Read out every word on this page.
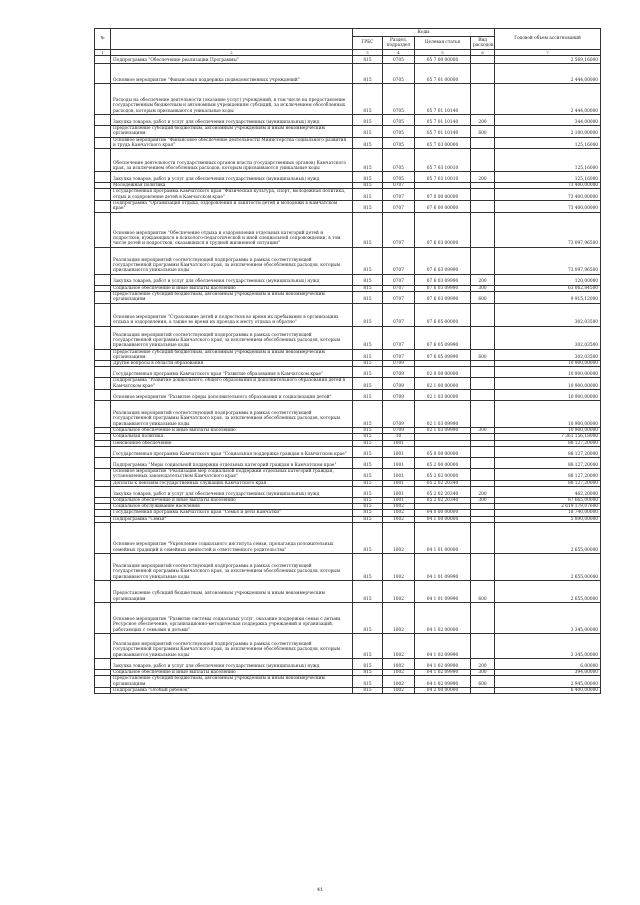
№		Коды				Годовой объем ассигнований
		ГРБС	Раздел, подраздел	Целевая статья	Вид расходов	
1	2	3	4	5	6	7
	Подпрограмма "Обеспечение реализации Программы"	815	0705	05 7 00 00000		2 569,16000
	Основное мероприятие "Финансовая поддержка подведомственных учреждений"	815	0705	05 7 01 00000		2 444,00000
	Расходы на обеспечение деятельности (оказание услуг) учреждений, в том числе на предоставление государственным бюджетным и автономным учреждениям субсидий, за исключением обособленных расходов, которым присваиваются уникальные коды	815	0705	05 7 01 10140		2 444,00000
	Закупка товаров, работ и услуг для обеспечения государственных (муниципальных) нужд	815	0705	05 7 01 10140	200	344,00000
	Предоставление субсидий бюджетным, автономным учреждениям и иным некоммерческим организациям	815	0705	05 7 01 10140	600	2 100,00000
	Основное мероприятие "Финансовое обеспечение деятельности Министерства социального развития и труда Камчатского края"	815	0705	05 7 03 00000		125,16000
	Обеспечение деятельности государственных органов власти (государственных органов) Камчатского края, за исключением обособленных расходов, которым присваиваются уникальные коды	815	0705	05 7 03 10010		125,16000
	Закупка товаров, работ и услуг для обеспечения государственных (муниципальных) нужд	815	0705	05 7 03 10010	200	125,16000
	Молодежная политика	815	0707			73 400,00000
	Государственная программа Камчатского края "Физическая культура, спорт, молодежная политика, отдых и оздоровление детей в Камчатском крае"	815	0707	07 0 00 00000		73 400,00000
	Подпрограмма "Организация отдыха, оздоровления и занятости детей и молодежи в Камчатском крае"	815	0707	07 6 00 00000		73 400,00000
	Основное мероприятие "Обеспечение отдыха и оздоровления отдельных категорий детей и подростков, нуждающихся в психолого-педагогической и иной специальной сопровождении, в том числе детей и подростков, оказавшихся в трудной жизненной ситуации"	815	0707	07 6 03 00000		73 097,96500
	Реализация мероприятий соответствующей подпрограммы в рамках соответствующей государственной программы Камчатского края, за исключением обособленных расходов, которым присваиваются уникальные коды	815	0707	07 6 03 09990		73 097,96500
	Закупка товаров, работ и услуг для обеспечения государственных (муниципальных) нужд	815	0707	07 6 03 09990	200	120,00000
	Социальное обеспечение и иные выплаты населению	815	0707	07 6 03 09990	300	63 062,84500
	Предоставление субсидий бюджетным, автономным учреждениям и иным некоммерческим организациям	815	0707	07 6 03 09990	600	9 915,12000
	Основное мероприятие "Страхование детей и подростков во время их пребывания в организациях отдыха и оздоровления, а также во время их проезда к месту отдыха и обратно"	815	0707	07 6 05 00000		302,03500
	Реализация мероприятий соответствующей подпрограммы в рамках соответствующей государственной программы Камчатского края, за исключением обособленных расходов, которым присваиваются уникальные коды	815	0707	07 6 05 09990		302,03500
	Предоставление субсидий бюджетным, автономным учреждениям и иным некоммерческим организациям	815	0707	07 6 05 09990	600	302,03500
	Другие вопросы в области образования	815	0709			10 900,00000
	Государственная программа Камчатского края "Развитие образования в Камчатском крае"	815	0709	02 0 00 00000		10 900,00000
	Подпрограмма "Развитие дошкольного, общего образования и дополнительного образования детей в Камчатском крае"	815	0709	02 1 00 00000		10 900,00000
	Основное мероприятие "Развитие сферы дополнительного образования и социализации детей"	815	0709	02 1 03 00000		10 900,00000
	Реализация мероприятий соответствующей подпрограммы в рамках соответствующей государственной программы Камчатского края, за исключением обособленных расходов, которым присваиваются уникальные коды	815	0709	02 1 03 09990		10 900,00000
	Социальное обеспечение и иные выплаты населению	815	0709	02 1 03 09990	300	10 900,00000
	Социальная политика	815	10			7 361 156,18000
	Пенсионное обеспечение	815	1001			88 127,20000
	Государственная программа Камчатского края "Социальная поддержка граждан в Камчатском крае"	815	1001	05 0 00 00000		88 127,20000
	Подпрограмма "Меры социальной поддержки отдельных категорий граждан в Камчатском крае"	815	1001	05 2 00 00000		88 127,20000
	Основное мероприятие "Реализация мер социальной поддержки отдельных категорий граждан, установленных законодательством Камчатского края"	815	1001	05 2 02 00000		88 127,20000
	Доплаты к пенсиям государственных служащих Камчатского края	815	1001	05 2 02 20340		88 127,20000
	Закупка товаров, работ и услуг для обеспечения государственных (муниципальных) нужд	815	1001	05 2 02 20340	200	462,20000
	Социальное обеспечение и иные выплаты населению	815	1001	05 2 02 20340	300	87 665,00000
	Социальное обслуживание населения	815	1002			2 619 179,07600
	Государственная программа Камчатского края "Семья и дети Камчатки"	815	1002	04 0 00 00000		18 740,00000
	Подпрограмма "Семья"	815	1002	04 1 00 00000		5 890,00000
	Основное мероприятие "Укрепление социального института семьи, пропаганда положительных семейных традиций и семейных ценностей и ответственного родительства"	815	1002	04 1 01 00000		2 655,00000
	Реализация мероприятий соответствующей подпрограммы в рамках соответствующей государственной программы Камчатского края, за исключением обособленных расходов, которым присваиваются уникальные коды	815	1002	04 1 01 09990		2 655,00000
	Предоставление субсидий бюджетным, автономным учреждениям и иным некоммерческим организациям	815	1002	04 1 01 09990	600	2 655,00000
	Основное мероприятие "Развитие системы социальных услуг, оказание поддержки семьи с детьми. Ресурсное обеспечение, организационно-методическая поддержка учреждений и организаций, работающих с семьями и детьми"	815	1002	04 1 02 00000		3 345,00000
	Реализация мероприятий соответствующей подпрограммы в рамках соответствующей государственной программы Камчатского края, за исключением обособленных расходов, которым присваиваются уникальные коды	815	1002	04 1 02 09990		3 345,00000
	Закупка товаров, работ и услуг для обеспечения государственных (муниципальных) нужд	815	1002	04 1 02 09990	200	6,00000
	Социальное обеспечение и иные выплаты населению	815	1002	04 1 02 09990	300	394,00000
	Предоставление субсидий бюджетным, автономным учреждениям и иным некоммерческим организациям	815	1002	04 1 02 09990	600	2 945,00000
	Подпрограмма "Особый ребенок"	815	1002	04 2 00 00000		6 400,00000
41
